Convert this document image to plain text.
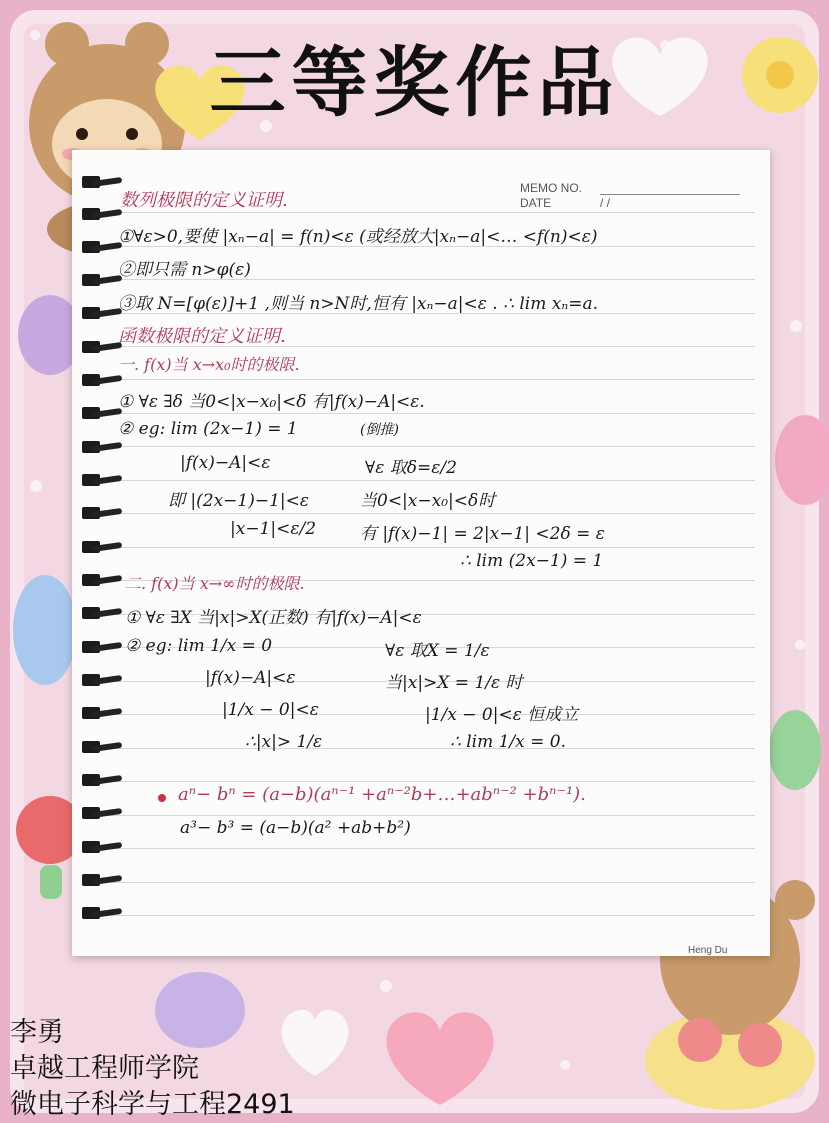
三等奖作品
MEMO NO.
DATE	/ /
Heng Du
数列极限的定义证明.
①∀ε>0,要使 |xₙ−a| = f(n)<ε (或经放大|xₙ−a|<… <f(n)<ε)
②即只需 n>φ(ε)
③取 N=[φ(ε)]+1 ,则当 n>N时,恒有 |xₙ−a|<ε . ∴ lim xₙ=a.
函数极限的定义证明.
一. f(x)当 x→x₀时的极限.
① ∀ε ∃δ 当0<|x−x₀|<δ 有|f(x)−A|<ε.
② eg: lim (2x−1) = 1	(倒推)
|f(x)−A|<ε	∀ε 取δ=ε/2
即 |(2x−1)−1|<ε	当0<|x−x₀|<δ时
|x−1|<ε/2	有 |f(x)−1| = 2|x−1| <2δ = ε
∴ lim (2x−1) = 1
二. f(x)当 x→∞时的极限.
① ∀ε ∃X 当|x|>X(正数) 有|f(x)−A|<ε
② eg: lim 1/x = 0	∀ε 取X = 1/ε
|f(x)−A|<ε	当|x|>X = 1/ε 时
|1/x − 0|<ε	|1/x − 0|<ε 恒成立
∴|x|> 1/ε	∴ lim 1/x = 0.
aⁿ− bⁿ = (a−b)(aⁿ⁻¹ +aⁿ⁻²b+…+abⁿ⁻² +bⁿ⁻¹).
a³− b³ = (a−b)(a² +ab+b²)
李勇
卓越工程师学院
微电子科学与工程2491
